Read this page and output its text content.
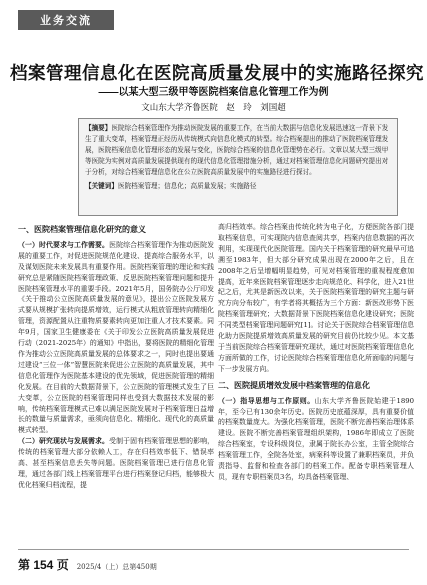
业务交流
档案管理信息化在医院高质量发展中的实施路径探究
——以某大型三级甲等医院档案信息化管理工作为例
文山东大学齐鲁医院　赵　玲　刘国超
【摘要】医院综合档案管理作为推动医院发展的重要工作，在当前大数据与信息化发展迅速这一背景下发生了重大变革，档案管理正经历从传统模式向信息化模式的转型。综合档案提出的推动了医院档案管理发展，医院档案信息化管理形态的发展与变化，医院综合档案的信息化管理势在必行。文章以某大型三级甲等医院为实例对高质量发展提供现有的现代信息化管理措施分析，通过对档案管理信息化问题研究提出对于分析，对综合档案管理信息化在公立医院高质量发展中的实施路径进行探讨。
【关键词】医院档案管理；信息化；高质量发展；实施路径
一、医院档案管理信息化研究的意义

（一）时代要求与工作需要。医院综合档案管理作为推动医院发展的重要工作，对促进医院规范化建设、提高综合服务水平，以及谋划医院未来发展具有重要作用。医院档案管理的理论和实践研究总是紧随医院档案管理政策、反思医院档案管理问题和提升医院档案管理水平的重要手段。2021年5月，国务院办公厅印发《关于推动公立医院高质量发展的意见》，提出公立医院发展方式要从规模扩张转向提质增效，运行模式从粗放管理转向精细化管理，资源配置从注重物质要素转向更加注重人才技术要素。同年9月，国家卫生健康委在《关于印发公立医院高质量发展促进行动（2021-2025年）的通知》中指出，要将医院的精细化管理作为推动公立医院高质量发展的总体要求之一，同时也提出要通过建设“三位一体”智慧医院来促进公立医院的高质量发展，其中信息化管理作为医院基本建设的优先领域，促进医院管理的精细化发展。在目前的大数据背景下，公立医院的管理模式发生了巨大变革，公立医院的档案管理同样也受到大数据技术发展的影响，传统档案管理模式已难以满足医院发展对于档案管理日益增长的数量与质量需求，亟须向信息化、精细化、现代化的高质量模式转型。

（二）研究现状与发展需求。受制于固有档案管理思想的影响，传统的档案管理大部分依赖人工，存在归档效率低下、错误率高、甚至档案信息丢失等问题。医院档案管理已进行信息化管理，通过各部门线上档案管理平台进行档案登记归档，能够极大优化档案归档流程，提

高归档效率。综合档案由传统化转为电子化，方便医院各部门提取档案信息，可实现院内信息查阅共享，档案内信息数据的再次利用，实现现代化医院管理。国内关于档案管理的研究最早可追溯至1983年，但大部分研究成果出现在2000年之后，且在2008年之后呈增幅明显趋势，可见对档案管理的重视程度愈加提高，近年来医院档案管理逐步走向规范化、科学化，进入21世纪之后，尤其是新医改以来，关于医院档案管理的研究主题与研究方向分布较广，有学者将其概括为三个方面：新医改形势下医院档案管理研究；大数据背景下医院档案信息化建设研究；医院不同类型档案管理问题研究[1]。讨论关于医院综合档案管理信息化助力医院提质增效高质量发展的研究目前仍比较少见。本文基于当前医院综合档案管理研究现状，通过对医院档案管理信息化方面所做的工作，讨论医院综合档案管理信息化所面临的问题与下一步发展方向。

二、医院提质增效发展中档案管理的信息化

（一）指导思想与工作原则。山东大学齐鲁医院始建于1890年，至今已有130余年历史。医院历史底蕴深厚，具有重要价值的档案数量庞大。为强化档案管理，医院不断完善档案治理体系建设。医院不断完善档案管理组织架构，1986年即成立了医院综合档案室，专设科级岗位，隶属于院长办公室，主管全院综合档案管理工作，全院各处室，病案科等设置了兼职档案员，并负责指导、监督和检查各部门的档案工作。配备专职档案管理人员，现有专职档案员3名，均具备档案管理、

第 154 页 2025/4（上）总第450期
